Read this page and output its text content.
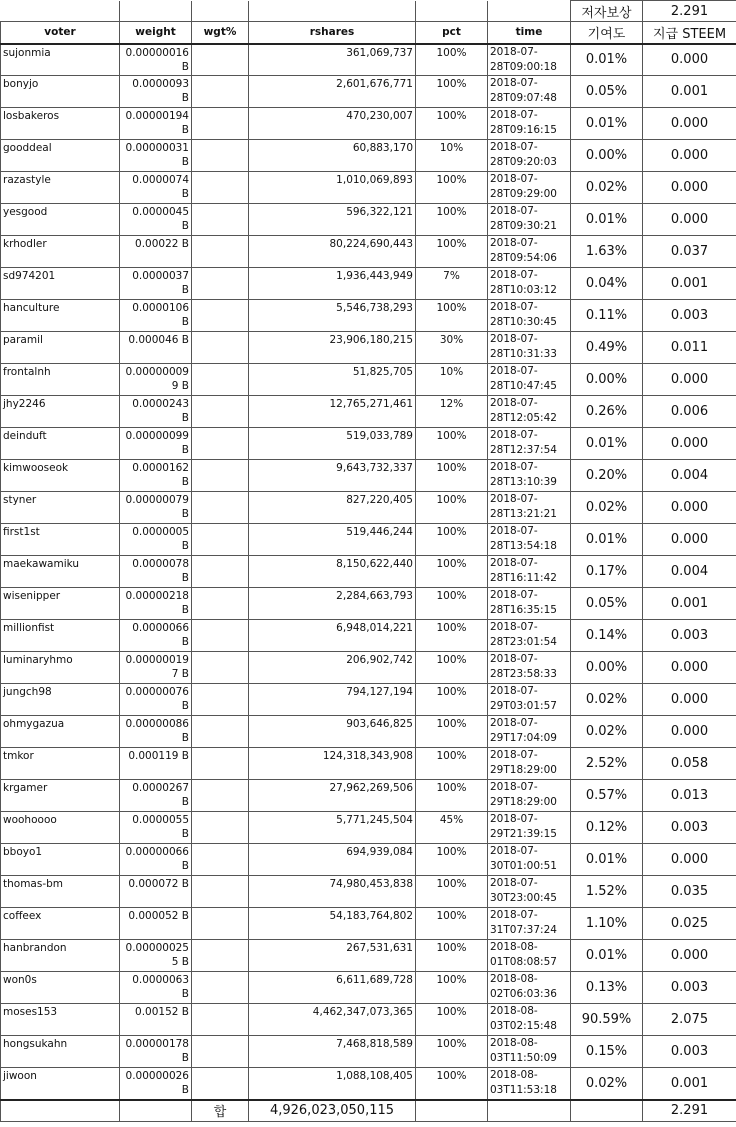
						저자보상	2.291
voter	weight	wgt%	rshares	pct	time	기여도	지급 STEEM
sujonmia	0.00000016 B		361,069,737	100%	2018-07-28T09:00:18	0.01%	0.000
bonyjo	0.0000093 B		2,601,676,771	100%	2018-07-28T09:07:48	0.05%	0.001
losbakeros	0.00000194 B		470,230,007	100%	2018-07-28T09:16:15	0.01%	0.000
gooddeal	0.00000031 B		60,883,170	10%	2018-07-28T09:20:03	0.00%	0.000
razastyle	0.0000074 B		1,010,069,893	100%	2018-07-28T09:29:00	0.02%	0.000
yesgood	0.0000045 B		596,322,121	100%	2018-07-28T09:30:21	0.01%	0.000
krhodler	0.00022 B		80,224,690,443	100%	2018-07-28T09:54:06	1.63%	0.037
sd974201	0.0000037 B		1,936,443,949	7%	2018-07-28T10:03:12	0.04%	0.001
hanculture	0.0000106 B		5,546,738,293	100%	2018-07-28T10:30:45	0.11%	0.003
paramil	0.000046 B		23,906,180,215	30%	2018-07-28T10:31:33	0.49%	0.011
frontalnh	0.000000099 B		51,825,705	10%	2018-07-28T10:47:45	0.00%	0.000
jhy2246	0.0000243 B		12,765,271,461	12%	2018-07-28T12:05:42	0.26%	0.006
deinduft	0.00000099 B		519,033,789	100%	2018-07-28T12:37:54	0.01%	0.000
kimwooseok	0.0000162 B		9,643,732,337	100%	2018-07-28T13:10:39	0.20%	0.004
styner	0.00000079 B		827,220,405	100%	2018-07-28T13:21:21	0.02%	0.000
first1st	0.0000005 B		519,446,244	100%	2018-07-28T13:54:18	0.01%	0.000
maekawamiku	0.0000078 B		8,150,622,440	100%	2018-07-28T16:11:42	0.17%	0.004
wisenipper	0.00000218 B		2,284,663,793	100%	2018-07-28T16:35:15	0.05%	0.001
millionfist	0.0000066 B		6,948,014,221	100%	2018-07-28T23:01:54	0.14%	0.003
luminaryhmo	0.000000197 B		206,902,742	100%	2018-07-28T23:58:33	0.00%	0.000
jungch98	0.00000076 B		794,127,194	100%	2018-07-29T03:01:57	0.02%	0.000
ohmygazua	0.00000086 B		903,646,825	100%	2018-07-29T17:04:09	0.02%	0.000
tmkor	0.000119 B		124,318,343,908	100%	2018-07-29T18:29:00	2.52%	0.058
krgamer	0.0000267 B		27,962,269,506	100%	2018-07-29T18:29:00	0.57%	0.013
woohoooo	0.0000055 B		5,771,245,504	45%	2018-07-29T21:39:15	0.12%	0.003
bboyo1	0.00000066 B		694,939,084	100%	2018-07-30T01:00:51	0.01%	0.000
thomas-bm	0.000072 B		74,980,453,838	100%	2018-07-30T23:00:45	1.52%	0.035
coffeex	0.000052 B		54,183,764,802	100%	2018-07-31T07:37:24	1.10%	0.025
hanbrandon	0.000000255 B		267,531,631	100%	2018-08-01T08:08:57	0.01%	0.000
won0s	0.0000063 B		6,611,689,728	100%	2018-08-02T06:03:36	0.13%	0.003
moses153	0.00152 B		4,462,347,073,365	100%	2018-08-03T02:15:48	90.59%	2.075
hongsukahn	0.00000178 B		7,468,818,589	100%	2018-08-03T11:50:09	0.15%	0.003
jiwoon	0.00000026 B		1,088,108,405	100%	2018-08-03T11:53:18	0.02%	0.001
		합	4,926,023,050,115				2.291
